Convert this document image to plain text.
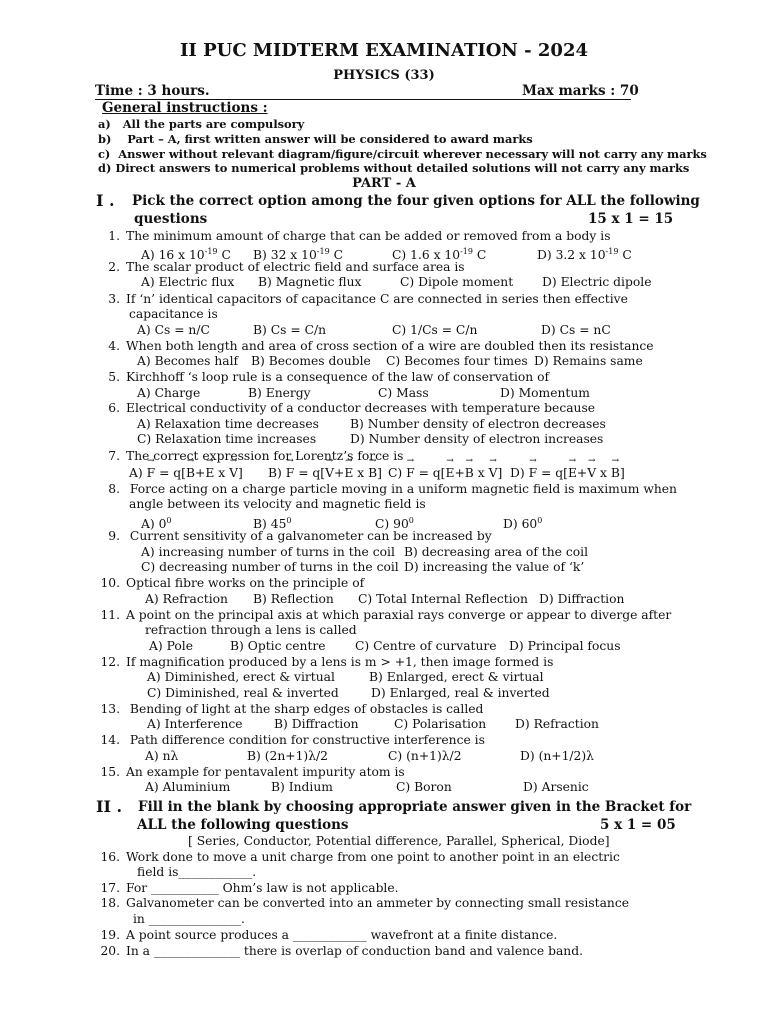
II PUC MIDTERM EXAMINATION - 2024
PHYSICS (33)
Time : 3 hours.	Max marks : 70
General instructions :
a) All the parts are compulsory
b) Part – A, first written answer will be considered to award marks
c) Answer without relevant diagram/figure/circuit wherever necessary will not carry any marks
d) Direct answers to numerical problems without detailed solutions will not carry any marks
PART - A
I . Pick the correct option among the four given options for ALL the following
questions	15 x 1 = 15
1. The minimum amount of charge that can be added or removed from a body is
A) 16 x $10^{-19}$ C B) 32 x $10^{-19}$ C	C) 1.6 x $10^{-19}$ C	D) 3.2 x $10^{-19}$ C
2. The scalar product of electric field and surface area is
A) Electric flux B) Magnetic flux	C) Dipole moment D) Electric dipole
3. If ‘n’ identical capacitors of capacitance C are connected in series then effective
capacitance is
A) Cs = n/C	B) Cs = C/n	C) 1/Cs = C/n	D) Cs = nC
4. When both length and area of cross section of a wire are doubled then its resistance
A) Becomes half B) Becomes double C) Becomes four times D) Remains same
5. Kirchhoff ‘s loop rule is a consequence of the law of conservation of
A) Charge	B) Energy	C) Mass	D) Momentum
6. Electrical conductivity of a conductor decreases with temperature because
A) Relaxation time decreases	B) Number density of electron decreases
C) Relaxation time increases	D) Number density of electron increases
7. The correct expression for Lorentz’s force is
A) → F = q[→ B+→ E x → V] B) → F = q[→ V+→ E x → B] C) → F = q[→ E+→ B x → V] D) → F = q[→ E+→ V x → B]
8. Force acting on a charge particle moving in a uniform magnetic field is maximum when
angle between its velocity and magnetic field is
A) $0^0$	B) $45^0$	C) $90^0$	D) $60^0$
9. Current sensitivity of a galvanometer can be increased by
A) increasing number of turns in the coil B) decreasing area of the coil
C) decreasing number of turns in the coil D) increasing the value of ‘k’
10. Optical fibre works on the principle of
A) Refraction B) Reflection C) Total Internal Reflection D) Diffraction
11. A point on the principal axis at which paraxial rays converge or appear to diverge after
refraction through a lens is called
A) Pole	B) Optic centre C) Centre of curvature D) Principal focus
12. If magnification produced by a lens is m > +1, then image formed is
A) Diminished, erect & virtual	B) Enlarged, erect & virtual
C) Diminished, real & inverted	D) Enlarged, real & inverted
13. Bending of light at the sharp edges of obstacles is called
A) Interference	B) Diffraction	C) Polarisation D) Refraction
14. Path difference condition for constructive interference is
A) nλ	B) (2n+1)λ/2	C) (n+1)λ/2	D) (n+1/2)λ
15. An example for pentavalent impurity atom is
A) Aluminium	B) Indium	C) Boron	D) Arsenic
II . Fill in the blank by choosing appropriate answer given in the Bracket for
ALL the following questions	5 x 1 = 05
[ Series, Conductor, Potential difference, Parallel, Spherical, Diode]
16. Work done to move a unit charge from one point to another point in an electric
field is____________.
17. For ___________ Ohm’s law is not applicable.
18. Galvanometer can be converted into an ammeter by connecting small resistance
in _______________.
19. A point source produces a ____________ wavefront at a finite distance.
20. In a ______________ there is overlap of conduction band and valence band.
